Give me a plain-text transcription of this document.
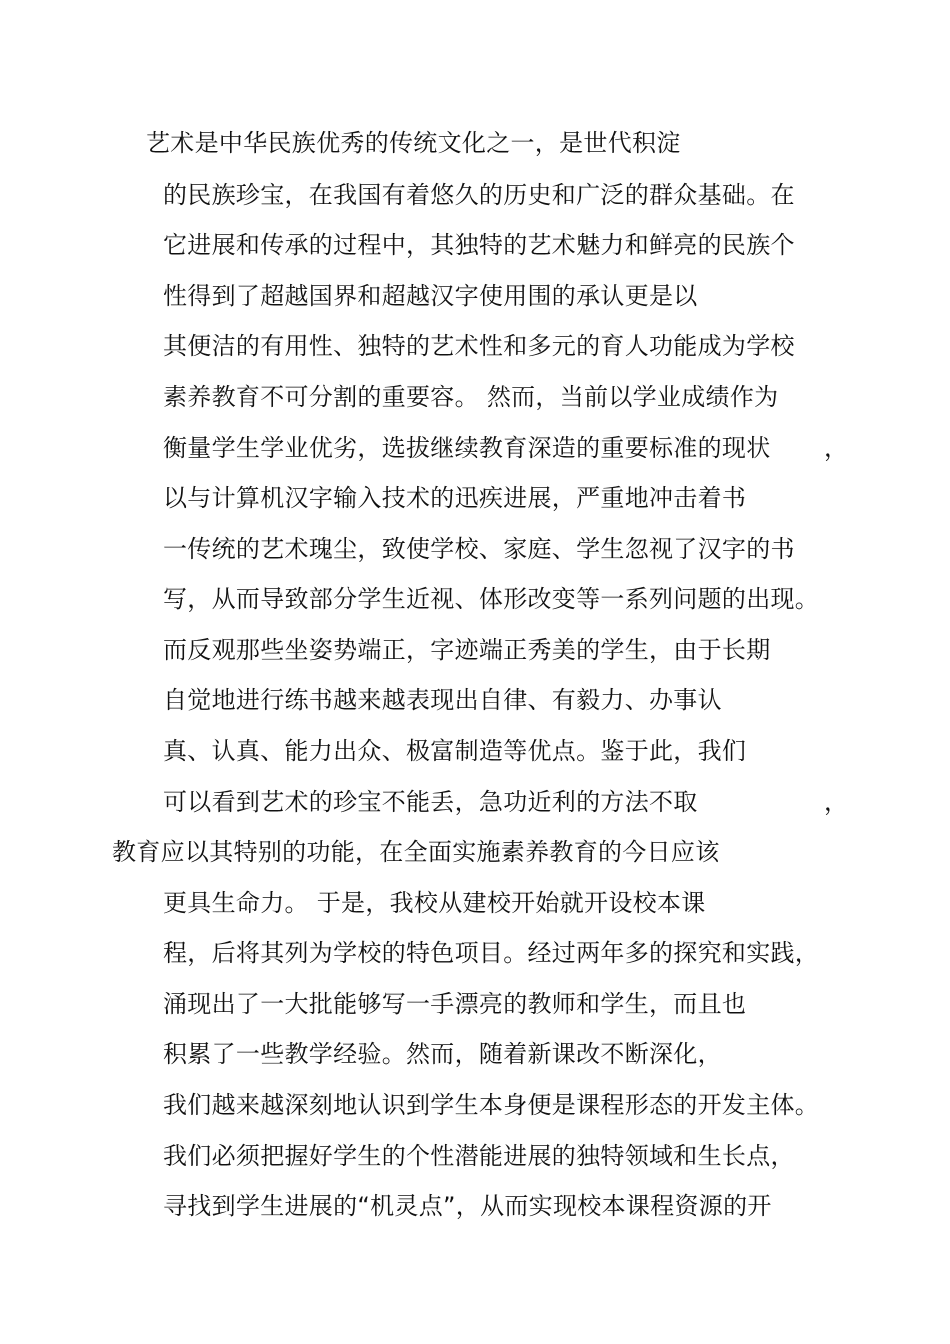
艺术是中华民族优秀的传统文化之一，是世代积淀
的民族珍宝，在我国有着悠久的历史和广泛的群众基础。在
它进展和传承的过程中，其独特的艺术魅力和鲜亮的民族个
性得到了超越国界和超越汉字使用围的承认更是以
其便洁的有用性、独特的艺术性和多元的育人功能成为学校
素养教育不可分割的重要容。 然而，当前以学业成绩作为
衡量学生学业优劣，选拔继续教育深造的重要标准的现状 ，
以与计算机汉字输入技术的迅疾进展，严重地冲击着书
一传统的艺术瑰尘，致使学校、家庭、学生忽视了汉字的书
写，从而导致部分学生近视、体形改变等一系列问题的出现。
而反观那些坐姿势端正，字迹端正秀美的学生，由于长期
自觉地进行练书越来越表现出自律、有毅力、办事认
真、认真、能力出众、极富制造等优点。鉴于此，我们
可以看到艺术的珍宝不能丢，急功近利的方法不取	，
教育应以其特别的功能，在全面实施素养教育的今日应该
更具生命力。 于是，我校从建校开始就开设校本课
程，后将其列为学校的特色项目。经过两年多的探究和实践，
涌现出了一大批能够写一手漂亮的教师和学生，而且也
积累了一些教学经验。然而，随着新课改不断深化，
我们越来越深刻地认识到学生本身便是课程形态的开发主体。
我们必须把握好学生的个性潜能进展的独特领域和生长点，
寻找到学生进展的“机灵点”，从而实现校本课程资源的开
